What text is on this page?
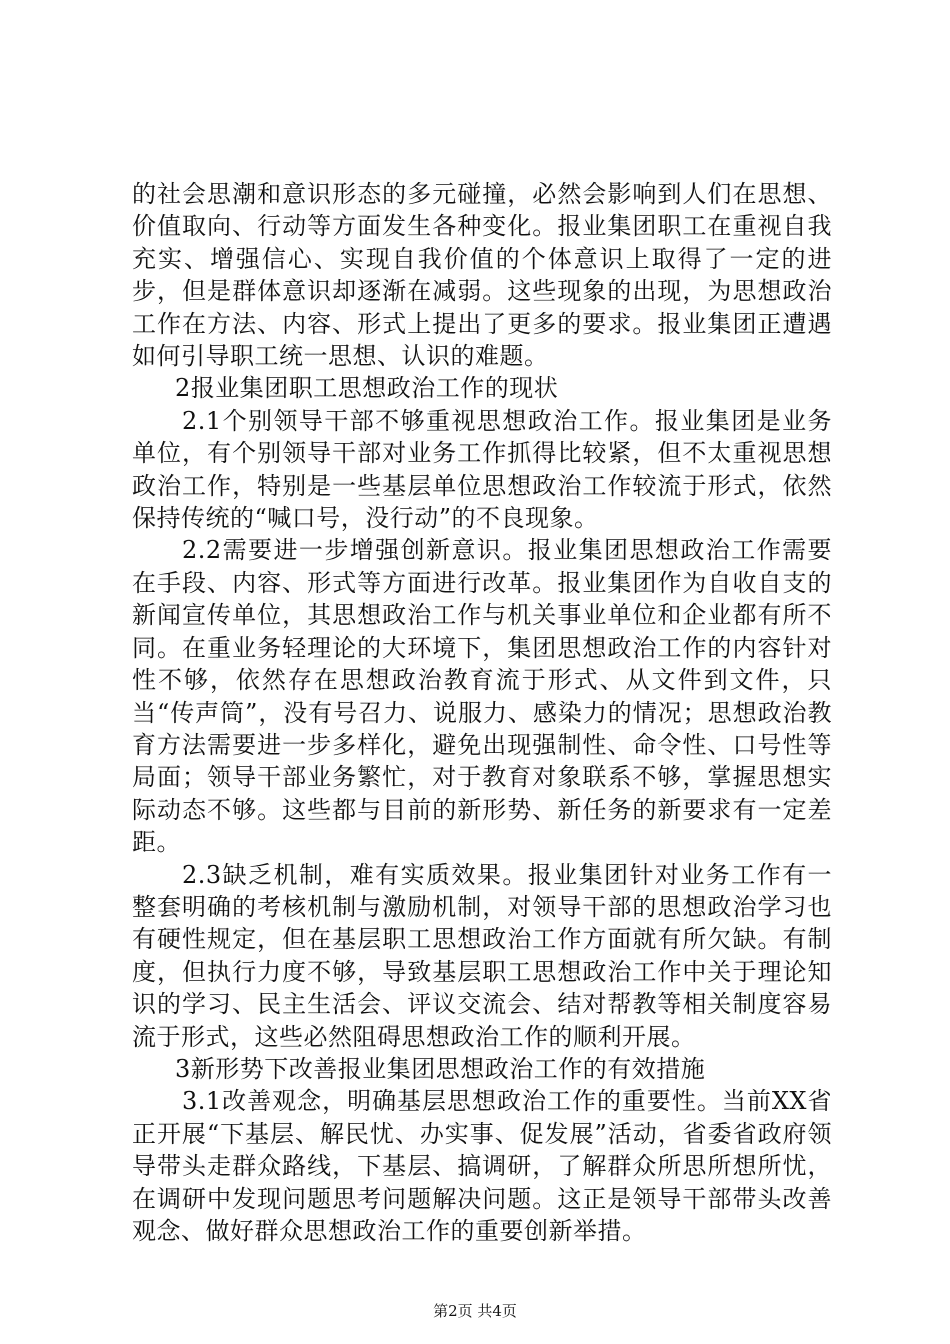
的社会思潮和意识形态的多元碰撞，必然会影响到人们在思想、价值取向、行动等方面发生各种变化。报业集团职工在重视自我充实、增强信心、实现自我价值的个体意识上取得了一定的进步，但是群体意识却逐渐在减弱。这些现象的出现，为思想政治工作在方法、内容、形式上提出了更多的要求。报业集团正遭遇如何引导职工统一思想、认识的难题。

2报业集团职工思想政治工作的现状

2.1个别领导干部不够重视思想政治工作。报业集团是业务单位，有个别领导干部对业务工作抓得比较紧，但不太重视思想政治工作，特别是一些基层单位思想政治工作较流于形式，依然保持传统的“喊口号，没行动”的不良现象。

2.2需要进一步增强创新意识。报业集团思想政治工作需要在手段、内容、形式等方面进行改革。报业集团作为自收自支的新闻宣传单位，其思想政治工作与机关事业单位和企业都有所不同。在重业务轻理论的大环境下，集团思想政治工作的内容针对性不够，依然存在思想政治教育流于形式、从文件到文件，只当“传声筒”，没有号召力、说服力、感染力的情况；思想政治教育方法需要进一步多样化，避免出现强制性、命令性、口号性等局面；领导干部业务繁忙，对于教育对象联系不够，掌握思想实际动态不够。这些都与目前的新形势、新任务的新要求有一定差距。

2.3缺乏机制，难有实质效果。报业集团针对业务工作有一整套明确的考核机制与激励机制，对领导干部的思想政治学习也有硬性规定，但在基层职工思想政治工作方面就有所欠缺。有制度，但执行力度不够，导致基层职工思想政治工作中关于理论知识的学习、民主生活会、评议交流会、结对帮教等相关制度容易流于形式，这些必然阻碍思想政治工作的顺利开展。

3新形势下改善报业集团思想政治工作的有效措施

3.1改善观念，明确基层思想政治工作的重要性。当前XX省正开展“下基层、解民忧、办实事、促发展”活动，省委省政府领导带头走群众路线，下基层、搞调研，了解群众所思所想所忧，在调研中发现问题思考问题解决问题。这正是领导干部带头改善观念、做好群众思想政治工作的重要创新举措。

第2页 共4页
